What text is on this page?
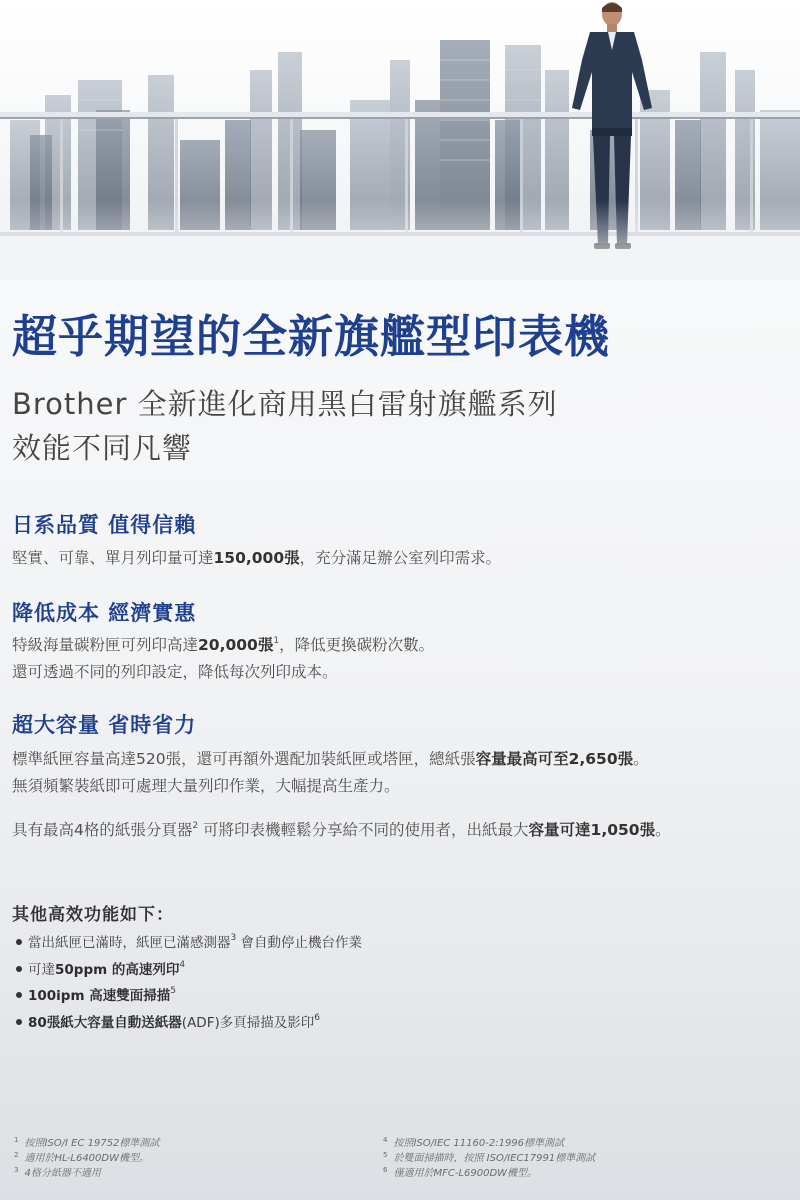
超乎期望的全新旗艦型印表機
Brother 全新進化商用黑白雷射旗艦系列
效能不同凡響
日系品質 值得信賴
堅實、可靠、單月列印量可達150,000張，充分滿足辦公室列印需求。
降低成本 經濟實惠
特級海量碳粉匣可列印高達20,000張$^1$，降低更換碳粉次數。
還可透過不同的列印設定，降低每次列印成本。
超大容量 省時省力
標準紙匣容量高達520張，還可再額外選配加裝紙匣或塔匣，總紙張容量最高可至2,650張。
無須頻繁裝紙即可處理大量列印作業，大幅提高生產力。
具有最高4格的紙張分頁器$^2$ 可將印表機輕鬆分享給不同的使用者，出紙最大容量可達1,050張。
其他高效功能如下：
當出紙匣已滿時，紙匣已滿感測器$^3$ 會自動停止機台作業
可達50ppm 的高速列印$^4$
100ipm 高速雙面掃描$^5$
80張紙大容量自動送紙器(ADF)多頁掃描及影印$^6$
$^1$ 按照ISO/I EC 19752標準測試
$^2$ 適用於HL-L6400DW機型。
$^3$ 4格分紙器不適用
$^4$ 按照ISO/IEC 11160-2:1996標準測試
$^5$ 於雙面掃描時，按照 ISO/IEC17991標準測試
$^6$ 僅適用於MFC-L6900DW機型。
